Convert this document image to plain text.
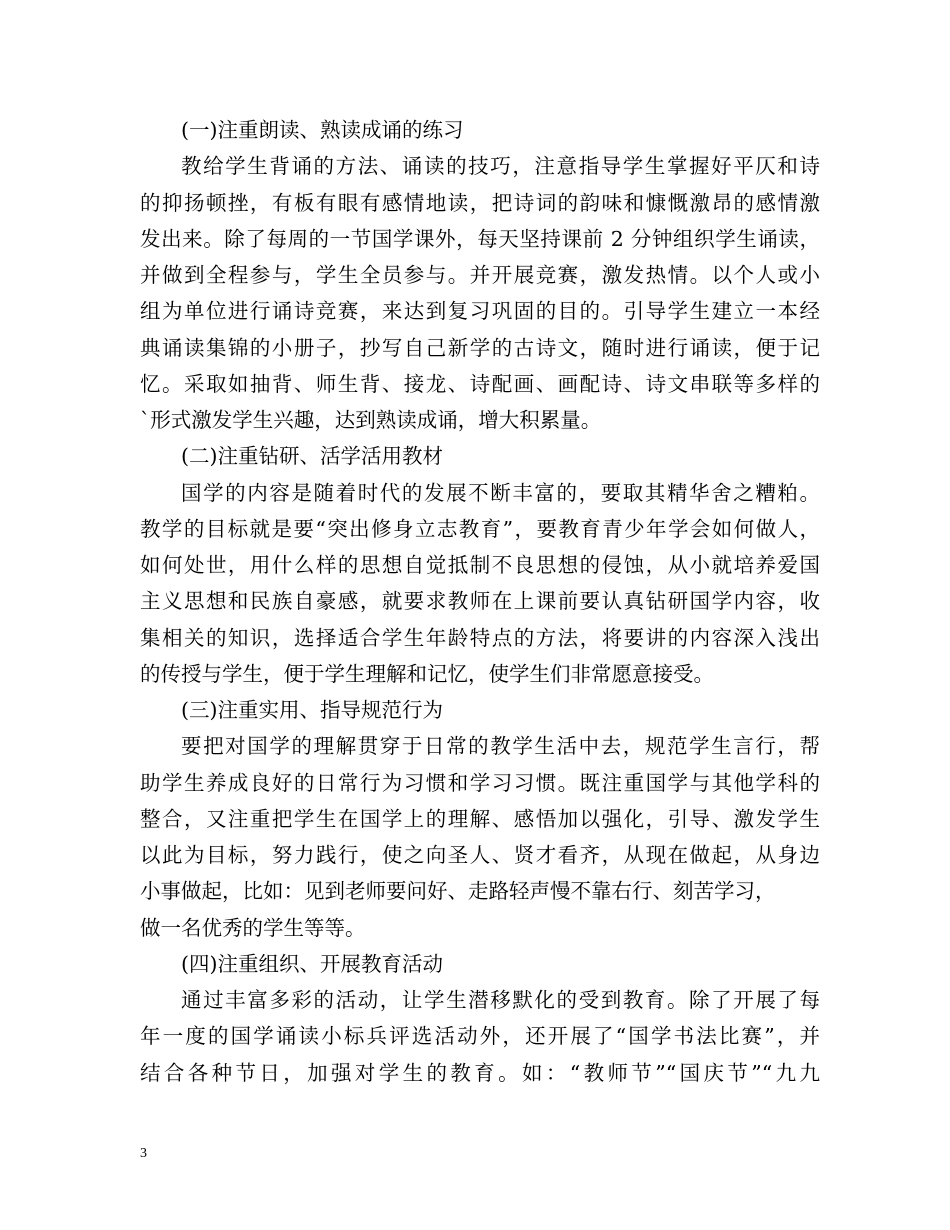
(一)注重朗读、熟读成诵的练习
教给学生背诵的方法、诵读的技巧，注意指导学生掌握好平仄和诗
的抑扬顿挫，有板有眼有感情地读，把诗词的韵味和慷慨激昂的感情激
发出来。除了每周的一节国学课外，每天坚持课前 2 分钟组织学生诵读，
并做到全程参与，学生全员参与。并开展竞赛，激发热情。以个人或小
组为单位进行诵诗竞赛，来达到复习巩固的目的。引导学生建立一本经
典诵读集锦的小册子，抄写自己新学的古诗文，随时进行诵读，便于记
忆。采取如抽背、师生背、接龙、诗配画、画配诗、诗文串联等多样的
`形式激发学生兴趣，达到熟读成诵，增大积累量。
(二)注重钻研、活学活用教材
国学的内容是随着时代的发展不断丰富的，要取其精华舍之糟粕。
教学的目标就是要“突出修身立志教育”，要教育青少年学会如何做人，
如何处世，用什么样的思想自觉抵制不良思想的侵蚀，从小就培养爱国
主义思想和民族自豪感，就要求教师在上课前要认真钻研国学内容，收
集相关的知识，选择适合学生年龄特点的方法，将要讲的内容深入浅出
的传授与学生，便于学生理解和记忆，使学生们非常愿意接受。
(三)注重实用、指导规范行为
要把对国学的理解贯穿于日常的教学生活中去，规范学生言行，帮
助学生养成良好的日常行为习惯和学习习惯。既注重国学与其他学科的
整合，又注重把学生在国学上的理解、感悟加以强化，引导、激发学生
以此为目标，努力践行，使之向圣人、贤才看齐，从现在做起，从身边
小事做起，比如：见到老师要问好、走路轻声慢不靠右行、刻苦学习，
做一名优秀的学生等等。
(四)注重组织、开展教育活动
通过丰富多彩的活动，让学生潜移默化的受到教育。除了开展了每
年一度的国学诵读小标兵评选活动外，还开展了“国学书法比赛”，并
结合各种节日，加强对学生的教育。如：“教师节”“国庆节”“九九
3
